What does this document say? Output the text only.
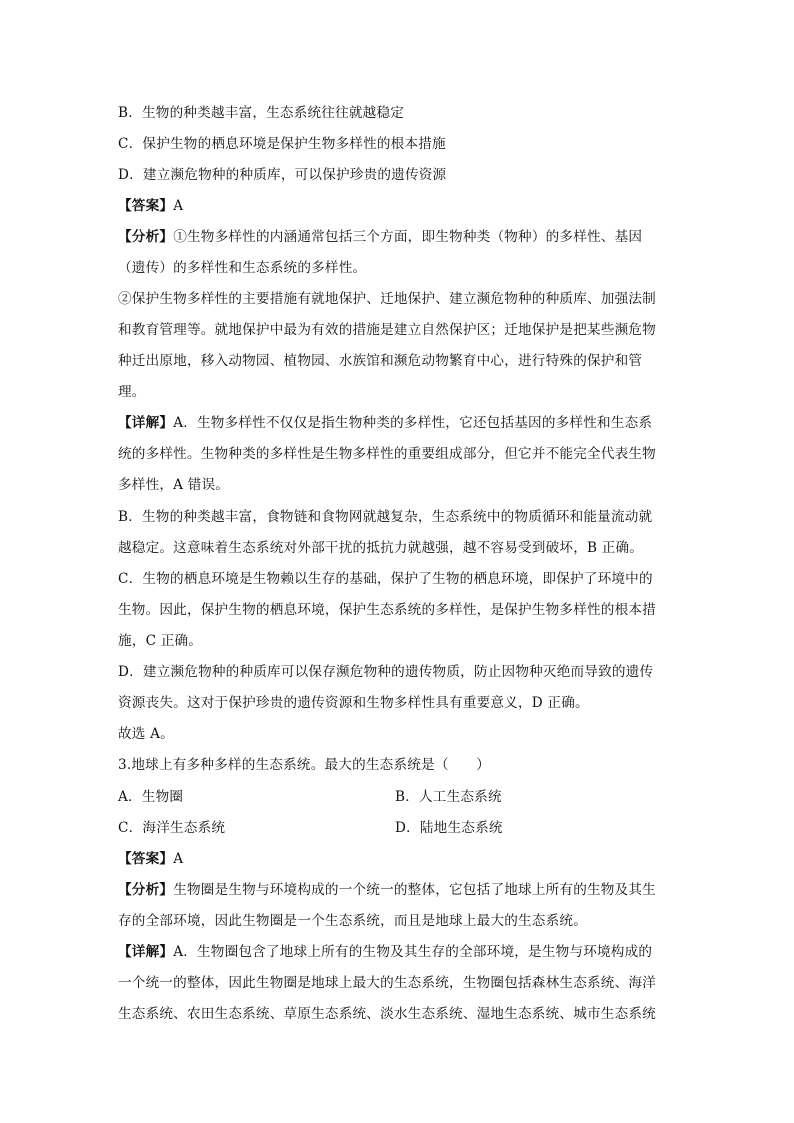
B．生物的种类越丰富，生态系统往往就越稳定
C．保护生物的栖息环境是保护生物多样性的根本措施
D．建立濒危物种的种质库，可以保护珍贵的遗传资源
【答案】A
【分析】①生物多样性的内涵通常包括三个方面，即生物种类（物种）的多样性、基因
（遗传）的多样性和生态系统的多样性。
②保护生物多样性的主要措施有就地保护、迁地保护、建立濒危物种的种质库、加强法制
和教育管理等。就地保护中最为有效的措施是建立自然保护区；迁地保护是把某些濒危物
种迁出原地，移入动物园、植物园、水族馆和濒危动物繁育中心，进行特殊的保护和管
理。
【详解】A．生物多样性不仅仅是指生物种类的多样性，它还包括基因的多样性和生态系
统的多样性。生物种类的多样性是生物多样性的重要组成部分，但它并不能完全代表生物
多样性，A 错误。
B．生物的种类越丰富，食物链和食物网就越复杂，生态系统中的物质循环和能量流动就
越稳定。这意味着生态系统对外部干扰的抵抗力就越强，越不容易受到破坏，B 正确。
C．生物的栖息环境是生物赖以生存的基础，保护了生物的栖息环境，即保护了环境中的
生物。因此，保护生物的栖息环境，保护生态系统的多样性，是保护生物多样性的根本措
施，C 正确。
D．建立濒危物种的种质库可以保存濒危物种的遗传物质，防止因物种灭绝而导致的遗传
资源丧失。这对于保护珍贵的遗传资源和生物多样性具有重要意义，D 正确。
故选 A。
3.地球上有多种多样的生态系统。最大的生态系统是（　　）
A．生物圈	B．人工生态系统
C．海洋生态系统	D．陆地生态系统
【答案】A
【分析】生物圈是生物与环境构成的一个统一的整体，它包括了地球上所有的生物及其生
存的全部环境，因此生物圈是一个生态系统，而且是地球上最大的生态系统。
【详解】A．生物圈包含了地球上所有的生物及其生存的全部环境，是生物与环境构成的
一个统一的整体，因此生物圈是地球上最大的生态系统，生物圈包括森林生态系统、海洋
生态系统、农田生态系统、草原生态系统、淡水生态系统、湿地生态系统、城市生态系统
